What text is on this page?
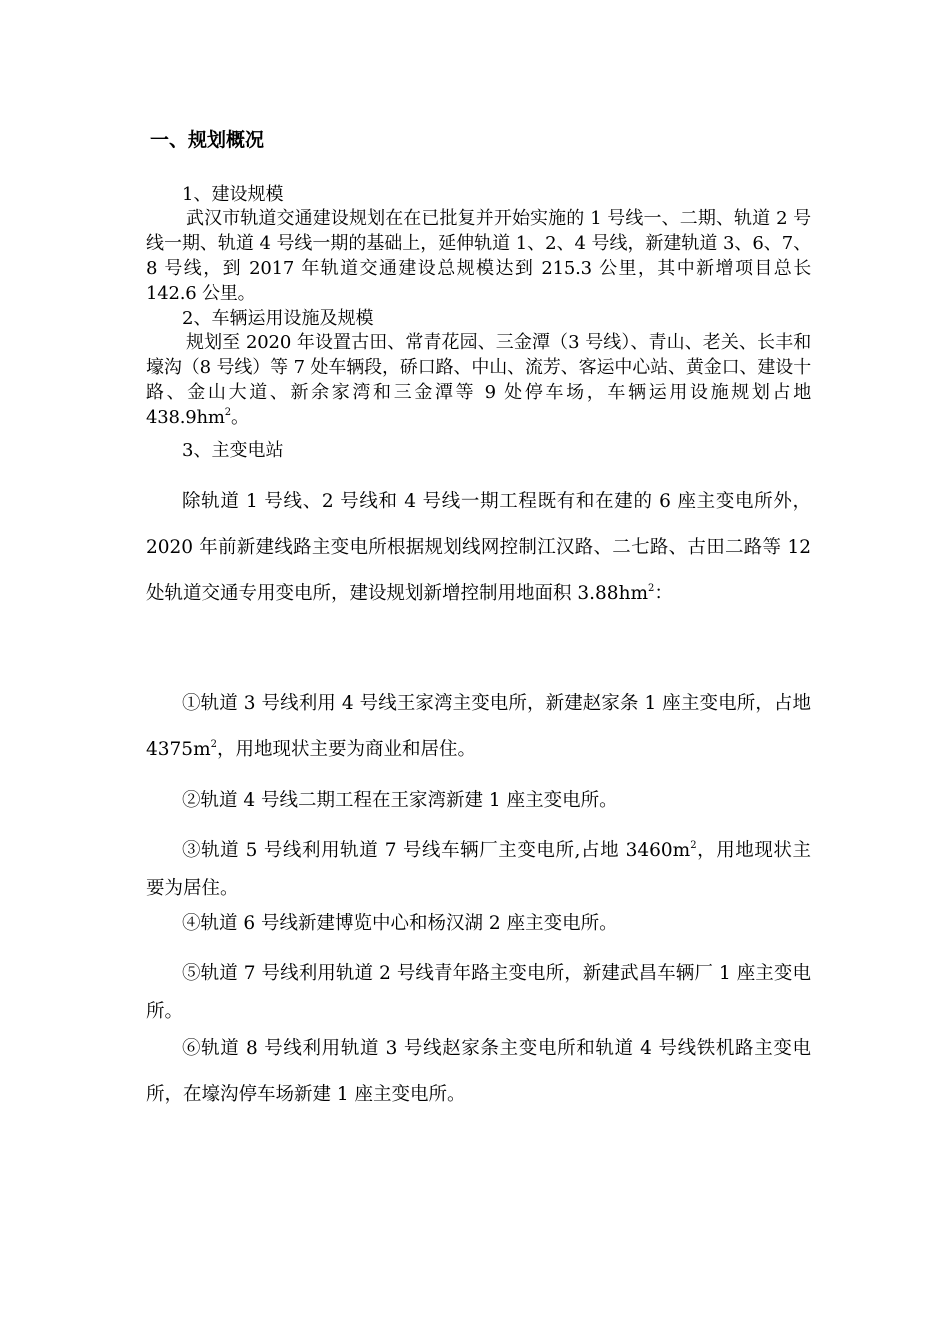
一、规划概况

1、建设规模

武汉市轨道交通建设规划在在已批复并开始实施的 1 号线一、二期、轨道 2 号线一期、轨道 4 号线一期的基础上，延伸轨道 1、2、4 号线，新建轨道 3、6、7、8 号线，到 2017 年轨道交通建设总规模达到 215.3 公里，其中新增项目总长 142.6 公里。

2、车辆运用设施及规模

规划至 2020 年设置古田、常青花园、三金潭（3 号线）、青山、老关、长丰和壕沟（8 号线）等 7 处车辆段，硚口路、中山、流芳、客运中心站、黄金口、建设十路、金山大道、新余家湾和三金潭等 9 处停车场，车辆运用设施规划占地 $438.9hm^2$。

3、主变电站

除轨道 1 号线、2 号线和 4 号线一期工程既有和在建的 6 座主变电所外，2020 年前新建线路主变电所根据规划线网控制江汉路、二七路、古田二路等 12 处轨道交通专用变电所，建设规划新增控制用地面积 $3.88hm^2$：

①轨道 3 号线利用 4 号线王家湾主变电所，新建赵家条 1 座主变电所，占地 $4375m^2$，用地现状主要为商业和居住。

②轨道 4 号线二期工程在王家湾新建 1 座主变电所。

③轨道 5 号线利用轨道 7 号线车辆厂主变电所,占地 $3460m^2$，用地现状主要为居住。

④轨道 6 号线新建博览中心和杨汉湖 2 座主变电所。

⑤轨道 7 号线利用轨道 2 号线青年路主变电所，新建武昌车辆厂 1 座主变电所。

⑥轨道 8 号线利用轨道 3 号线赵家条主变电所和轨道 4 号线铁机路主变电所，在壕沟停车场新建 1 座主变电所。
